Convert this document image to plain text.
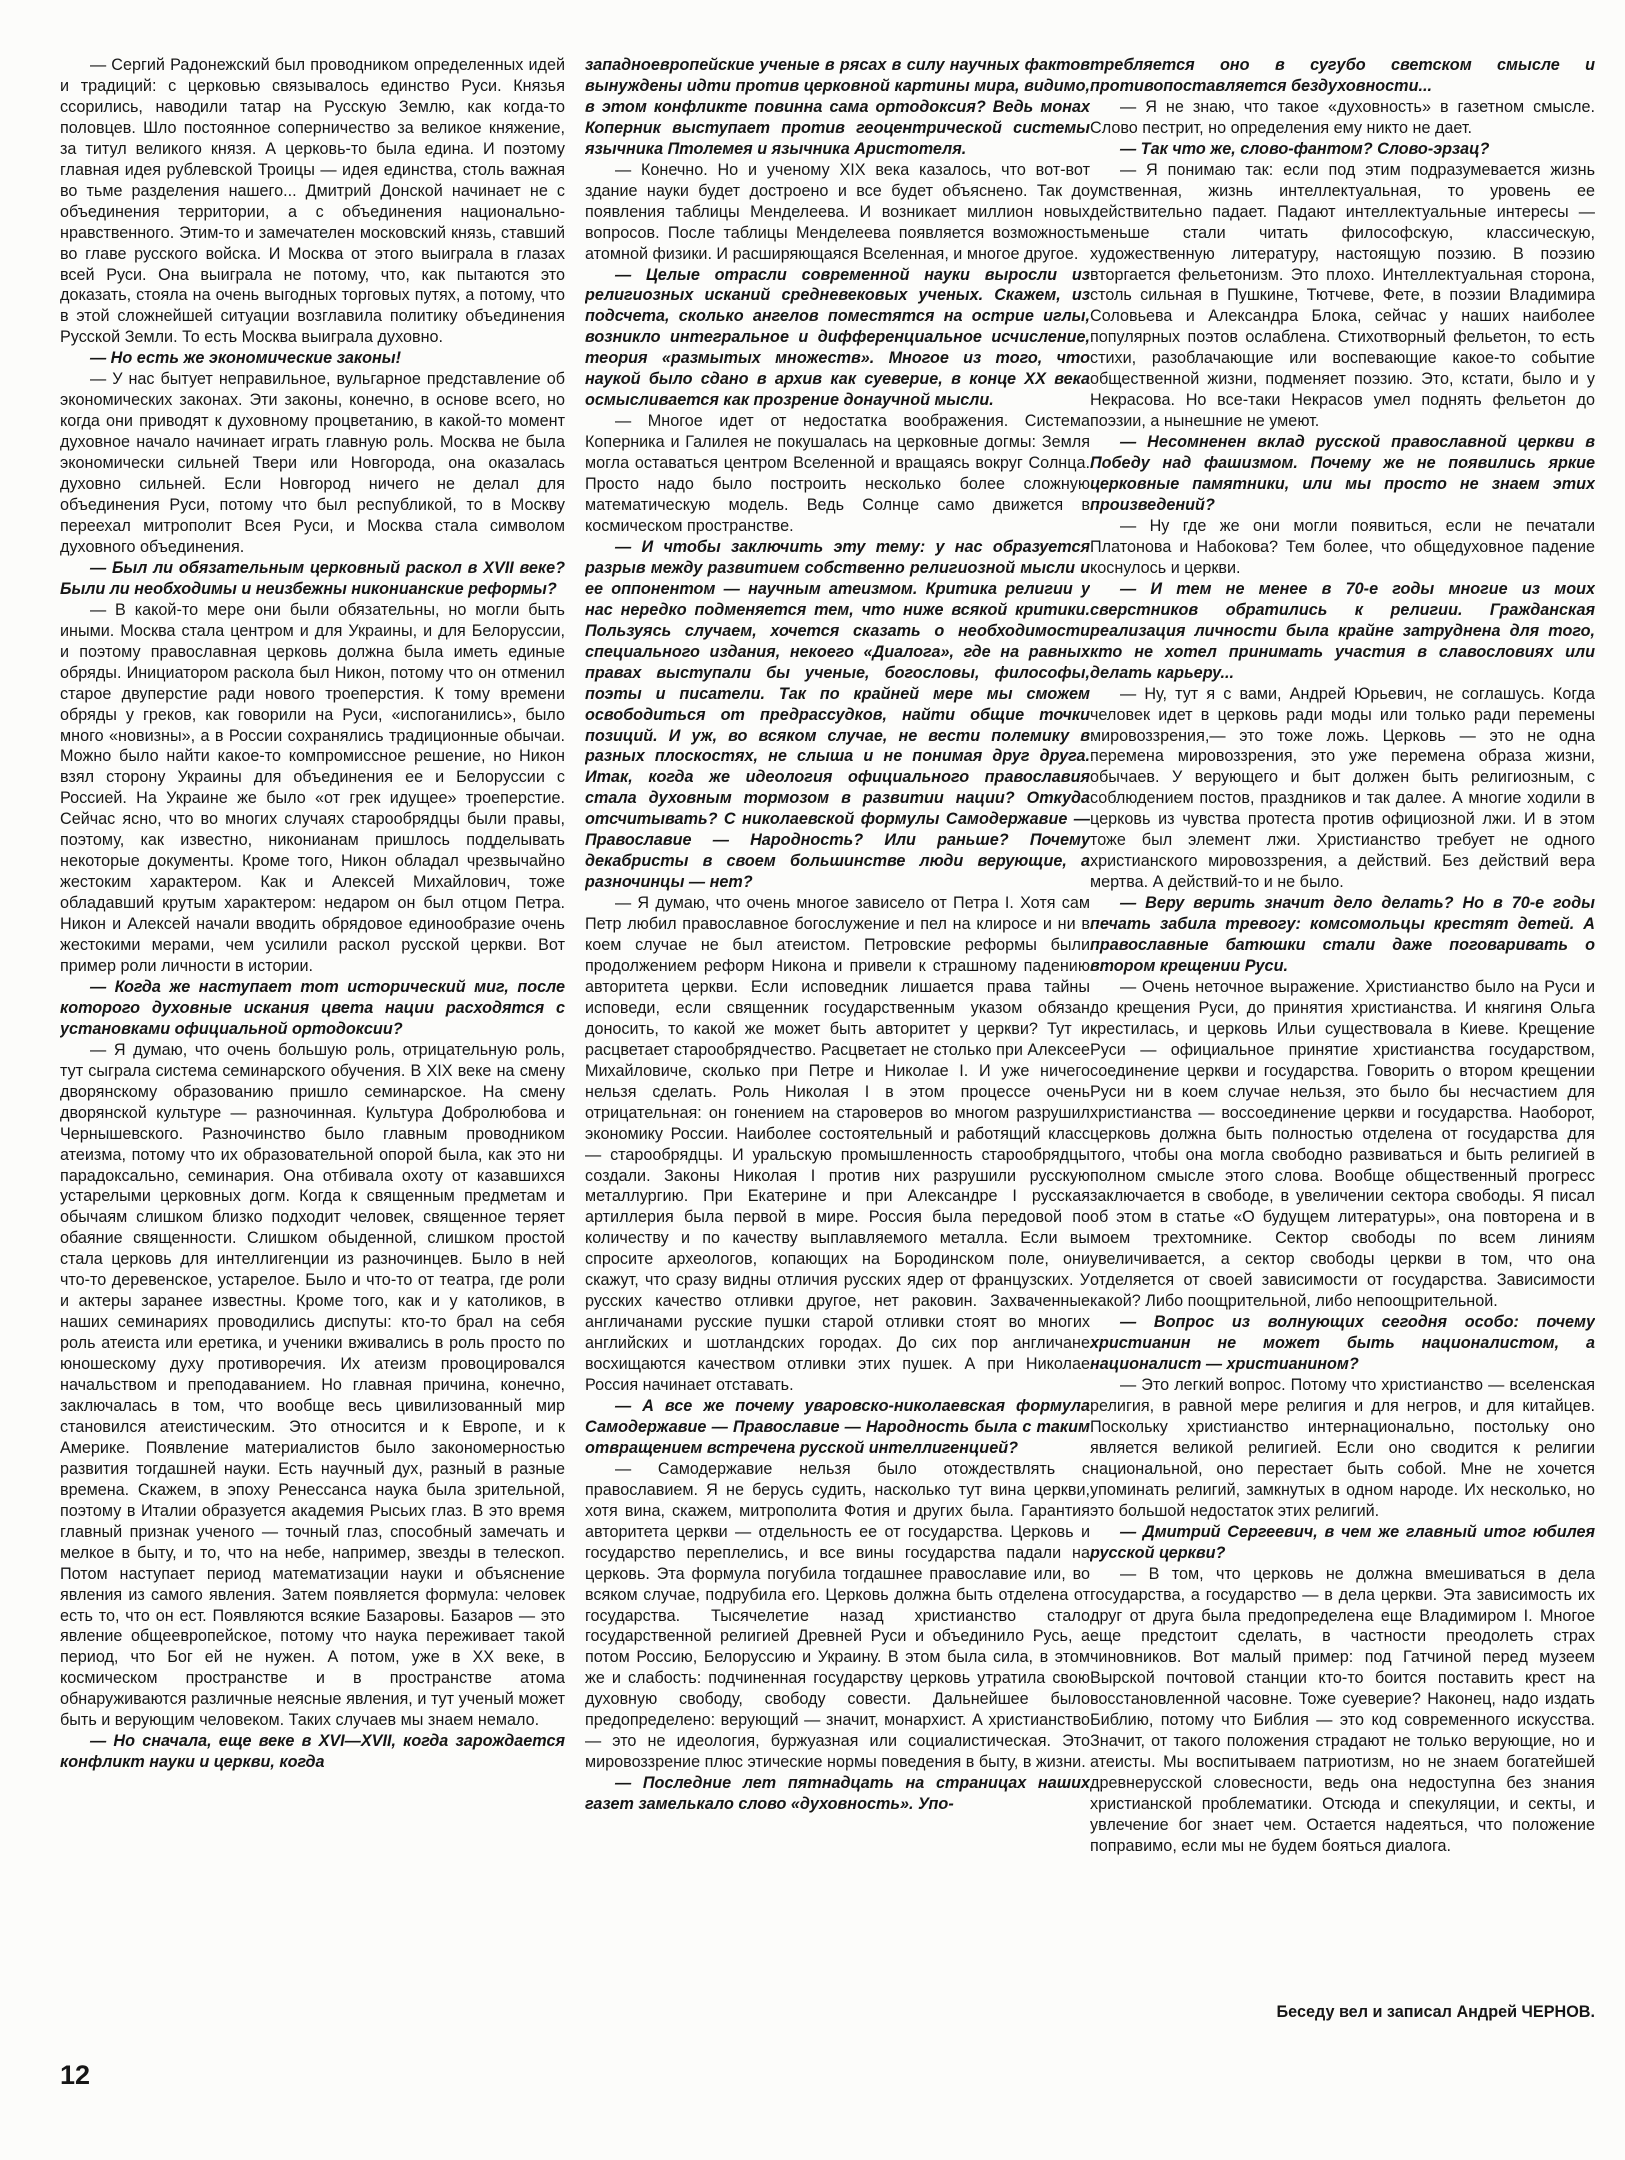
— Сергий Радонежский был проводником определенных идей и традиций: с церковью связывалось единство Руси. Князья ссорились, наводили татар на Русскую Землю, как когда-то половцев. Шло постоянное соперничество за великое княжение, за титул великого князя. А церковь-то была едина. И поэтому главная идея рублевской Троицы — идея единства, столь важная во тьме разделения нашего... Дмитрий Донской начинает не с объединения территории, а с объединения национально-нравственного. Этим-то и замечателен московский князь, ставший во главе русского войска. И Москва от этого выиграла в глазах всей Руси. Она выиграла не потому, что, как пытаются это доказать, стояла на очень выгодных торговых путях, а потому, что в этой сложнейшей ситуации возглавила политику объединения Русской Земли. То есть Москва выиграла духовно.

— Но есть же экономические законы!

— У нас бытует неправильное, вульгарное представление об экономических законах. Эти законы, конечно, в основе всего, но когда они приводят к духовному процветанию, в какой-то момент духовное начало начинает играть главную роль. Москва не была экономически сильней Твери или Новгорода, она оказалась духовно сильней. Если Новгород ничего не делал для объединения Руси, потому что был республикой, то в Москву переехал митрополит Всея Руси, и Москва стала символом духовного объединения.

— Был ли обязательным церковный раскол в XVII веке? Были ли необходимы и неизбежны никонианские реформы?

— В какой-то мере они были обязательны, но могли быть иными. Москва стала центром и для Украины, и для Белоруссии, и поэтому православная церковь должна была иметь единые обряды. Инициатором раскола был Никон, потому что он отменил старое двуперстие ради нового троеперстия. К тому времени обряды у греков, как говорили на Руси, «испоганились», было много «новизны», а в России сохранялись традиционные обычаи. Можно было найти какое-то компромиссное решение, но Никон взял сторону Украины для объединения ее и Белоруссии с Россией. На Украине же было «от грек идущее» троеперстие. Сейчас ясно, что во многих случаях старообрядцы были правы, поэтому, как известно, никонианам пришлось подделывать некоторые документы. Кроме того, Никон обладал чрезвычайно жестоким характером. Как и Алексей Михайлович, тоже обладавший крутым характером: недаром он был отцом Петра. Никон и Алексей начали вводить обрядовое единообразие очень жестокими мерами, чем усилили раскол русской церкви. Вот пример роли личности в истории.

— Когда же наступает тот исторический миг, после которого духовные искания цвета нации расходятся с установками официальной ортодоксии?

— Я думаю, что очень большую роль, отрицательную роль, тут сыграла система семинарского обучения. В XIX веке на смену дворянскому образованию пришло семинарское. На смену дворянской культуре — разночинная. Культура Добролюбова и Чернышевского. Разночинство было главным проводником атеизма, потому что их образовательной опорой была, как это ни парадоксально, семинария. Она отбивала охоту от казавшихся устарелыми церковных догм. Когда к священным предметам и обычаям слишком близко подходит человек, священное теряет обаяние священности. Слишком обыденной, слишком простой стала церковь для интеллигенции из разночинцев. Было в ней что-то деревенское, устарелое. Было и что-то от театра, где роли и актеры заранее известны. Кроме того, как и у католиков, в наших семинариях проводились диспуты: кто-то брал на себя роль атеиста или еретика, и ученики вживались в роль просто по юношескому духу противоречия. Их атеизм провоцировался начальством и преподаванием. Но главная причина, конечно, заключалась в том, что вообще весь цивилизованный мир становился атеистическим. Это относится и к Европе, и к Америке. Появление материалистов было закономерностью развития тогдашней науки. Есть научный дух, разный в разные времена. Скажем, в эпоху Ренессанса наука была зрительной, поэтому в Италии образуется академия Рысьих глаз. В это время главный признак ученого — точный глаз, способный замечать и мелкое в быту, и то, что на небе, например, звезды в телескоп. Потом наступает период математизации науки и объяснение явления из самого явления. Затем появляется формула: человек есть то, что он ест. Появляются всякие Базаровы. Базаров — это явление общеевропейское, потому что наука переживает такой период, что Бог ей не нужен. А потом, уже в XX веке, в космическом пространстве и в пространстве атома обнаруживаются различные неясные явления, и тут ученый может быть и верующим человеком. Таких случаев мы знаем немало.

— Но сначала, еще веке в XVI—XVII, когда зарождается конфликт науки и церкви, когда

западноевропейские ученые в рясах в силу научных фактов вынуждены идти против церковной картины мира, видимо, в этом конфликте повинна сама ортодоксия? Ведь монах Коперник выступает против геоцентрической системы язычника Птолемея и язычника Аристотеля.

— Конечно. Но и ученому XIX века казалось, что вот-вот здание науки будет достроено и все будет объяснено. Так до появления таблицы Менделеева. И возникает миллион новых вопросов. После таблицы Менделеева появляется возможность атомной физики. И расширяющаяся Вселенная, и многое другое.

— Целые отрасли современной науки выросли из религиозных исканий средневековых ученых. Скажем, из подсчета, сколько ангелов поместятся на острие иглы, возникло интегральное и дифференциальное исчисление, теория «размытых множеств». Многое из того, что наукой было сдано в архив как суеверие, в конце XX века осмысливается как прозрение донаучной мысли.

— Многое идет от недостатка воображения. Система Коперника и Галилея не покушалась на церковные догмы: Земля могла оставаться центром Вселенной и вращаясь вокруг Солнца. Просто надо было построить несколько более сложную математическую модель. Ведь Солнце само движется в космическом пространстве.

— И чтобы заключить эту тему: у нас образуется разрыв между развитием собственно религиозной мысли и ее оппонентом — научным атеизмом. Критика религии у нас нередко подменяется тем, что ниже всякой критики. Пользуясь случаем, хочется сказать о необходимости специального издания, некоего «Диалога», где на равных правах выступали бы ученые, богословы, философы, поэты и писатели. Так по крайней мере мы сможем освободиться от предрассудков, найти общие точки позиций. И уж, во всяком случае, не вести полемику в разных плоскостях, не слыша и не понимая друг друга. Итак, когда же идеология официального православия стала духовным тормозом в развитии нации? Откуда отсчитывать? С николаевской формулы Самодержавие — Православие — Народность? Или раньше? Почему декабристы в своем большинстве люди верующие, а разночинцы — нет?

— Я думаю, что очень многое зависело от Петра I. Хотя сам Петр любил православное богослужение и пел на клиросе и ни в коем случае не был атеистом. Петровские реформы были продолжением реформ Никона и привели к страшному падению авторитета церкви. Если исповедник лишается права тайны исповеди, если священник государственным указом обязан доносить, то какой же может быть авторитет у церкви? Тут и расцветает старообрядчество. Расцветает не столько при Алексее Михайловиче, сколько при Петре и Николае I. И уже ничего нельзя сделать. Роль Николая I в этом процессе очень отрицательная: он гонением на староверов во многом разрушил экономику России. Наиболее состоятельный и работящий класс — старообрядцы. И уральскую промышленность старообрядцы создали. Законы Николая I против них разрушили русскую металлургию. При Екатерине и при Александре I русская артиллерия была первой в мире. Россия была передовой по количеству и по качеству выплавляемого металла. Если вы спросите археологов, копающих на Бородинском поле, они скажут, что сразу видны отличия русских ядер от французских. У русских качество отливки другое, нет раковин. Захваченные англичанами русские пушки старой отливки стоят во многих английских и шотландских городах. До сих пор англичане восхищаются качеством отливки этих пушек. А при Николае Россия начинает отставать.

— А все же почему уваровско-николаевская формула Самодержавие — Православие — Народность была с таким отвращением встречена русской интеллигенцией?

— Самодержавие нельзя было отождествлять с православием. Я не берусь судить, насколько тут вина церкви, хотя вина, скажем, митрополита Фотия и других была. Гарантия авторитета церкви — отдельность ее от государства. Церковь и государство переплелись, и все вины государства падали на церковь. Эта формула погубила тогдашнее православие или, во всяком случае, подрубила его. Церковь должна быть отделена от государства. Тысячелетие назад христианство стало государственной религией Древней Руси и объединило Русь, а потом Россию, Белоруссию и Украину. В этом была сила, в этом же и слабость: подчиненная государству церковь утратила свою духовную свободу, свободу совести. Дальнейшее было предопределено: верующий — значит, монархист. А христианство — это не идеология, буржуазная или социалистическая. Это мировоззрение плюс этические нормы поведения в быту, в жизни.

— Последние лет пятнадцать на страницах наших газет замелькало слово «духовность». Упо-

требляется оно в сугубо светском смысле и противопоставляется бездуховности...

— Я не знаю, что такое «духовность» в газетном смысле. Слово пестрит, но определения ему никто не дает.

— Так что же, слово-фантом? Слово-эрзац?

— Я понимаю так: если под этим подразумевается жизнь умственная, жизнь интеллектуальная, то уровень ее действительно падает. Падают интеллектуальные интересы — меньше стали читать философскую, классическую, художественную литературу, настоящую поэзию. В поэзию вторгается фельетонизм. Это плохо. Интеллектуальная сторона, столь сильная в Пушкине, Тютчеве, Фете, в поэзии Владимира Соловьева и Александра Блока, сейчас у наших наиболее популярных поэтов ослаблена. Стихотворный фельетон, то есть стихи, разоблачающие или воспевающие какое-то событие общественной жизни, подменяет поэзию. Это, кстати, было и у Некрасова. Но все-таки Некрасов умел поднять фельетон до поэзии, а нынешние не умеют.

— Несомненен вклад русской православной церкви в Победу над фашизмом. Почему же не появились яркие церковные памятники, или мы просто не знаем этих произведений?

— Ну где же они могли появиться, если не печатали Платонова и Набокова? Тем более, что общедуховное падение коснулось и церкви.

— И тем не менее в 70-е годы многие из моих сверстников обратились к религии. Гражданская реализация личности была крайне затруднена для того, кто не хотел принимать участия в славословиях или делать карьеру...

— Ну, тут я с вами, Андрей Юрьевич, не соглашусь. Когда человек идет в церковь ради моды или только ради перемены мировоззрения,— это тоже ложь. Церковь — это не одна перемена мировоззрения, это уже перемена образа жизни, обычаев. У верующего и быт должен быть религиозным, с соблюдением постов, праздников и так далее. А многие ходили в церковь из чувства протеста против официозной лжи. И в этом тоже был элемент лжи. Христианство требует не одного христианского мировоззрения, а действий. Без действий вера мертва. А действий-то и не было.

— Веру верить значит дело делать? Но в 70-е годы печать забила тревогу: комсомольцы крестят детей. А православные батюшки стали даже поговаривать о втором крещении Руси.

— Очень неточное выражение. Христианство было на Руси и до крещения Руси, до принятия христианства. И княгиня Ольга крестилась, и церковь Ильи существовала в Киеве. Крещение Руси — официальное принятие христианства государством, соединение церкви и государства. Говорить о втором крещении Руси ни в коем случае нельзя, это было бы несчастием для христианства — воссоединение церкви и государства. Наоборот, церковь должна быть полностью отделена от государства для того, чтобы она могла свободно развиваться и быть религией в полном смысле этого слова. Вообще общественный прогресс заключается в свободе, в увеличении сектора свободы. Я писал об этом в статье «О будущем литературы», она повторена и в моем трехтомнике. Сектор свободы по всем линиям увеличивается, а сектор свободы церкви в том, что она отделяется от своей зависимости от государства. Зависимости какой? Либо поощрительной, либо непоощрительной.

— Вопрос из волнующих сегодня особо: почему христианин не может быть националистом, а националист — христианином?

— Это легкий вопрос. Потому что христианство — вселенская религия, в равной мере религия и для негров, и для китайцев. Поскольку христианство интернационально, постольку оно является великой религией. Если оно сводится к религии национальной, оно перестает быть собой. Мне не хочется упоминать религий, замкнутых в одном народе. Их несколько, но это большой недостаток этих религий.

— Дмитрий Сергеевич, в чем же главный итог юбилея русской церкви?

— В том, что церковь не должна вмешиваться в дела государства, а государство — в дела церкви. Эта зависимость их друг от друга была предопределена еще Владимиром I. Многое еще предстоит сделать, в частности преодолеть страх чиновников. Вот малый пример: под Гатчиной перед музеем Вырской почтовой станции кто-то боится поставить крест на восстановленной часовне. Тоже суеверие? Наконец, надо издать Библию, потому что Библия — это код современного искусства. Значит, от такого положения страдают не только верующие, но и атеисты. Мы воспитываем патриотизм, но не знаем богатейшей древнерусской словесности, ведь она недоступна без знания христианской проблематики. Отсюда и спекуляции, и секты, и увлечение бог знает чем. Остается надеяться, что положение поправимо, если мы не будем бояться диалога.

Беседу вел и записал Андрей ЧЕРНОВ.
12
